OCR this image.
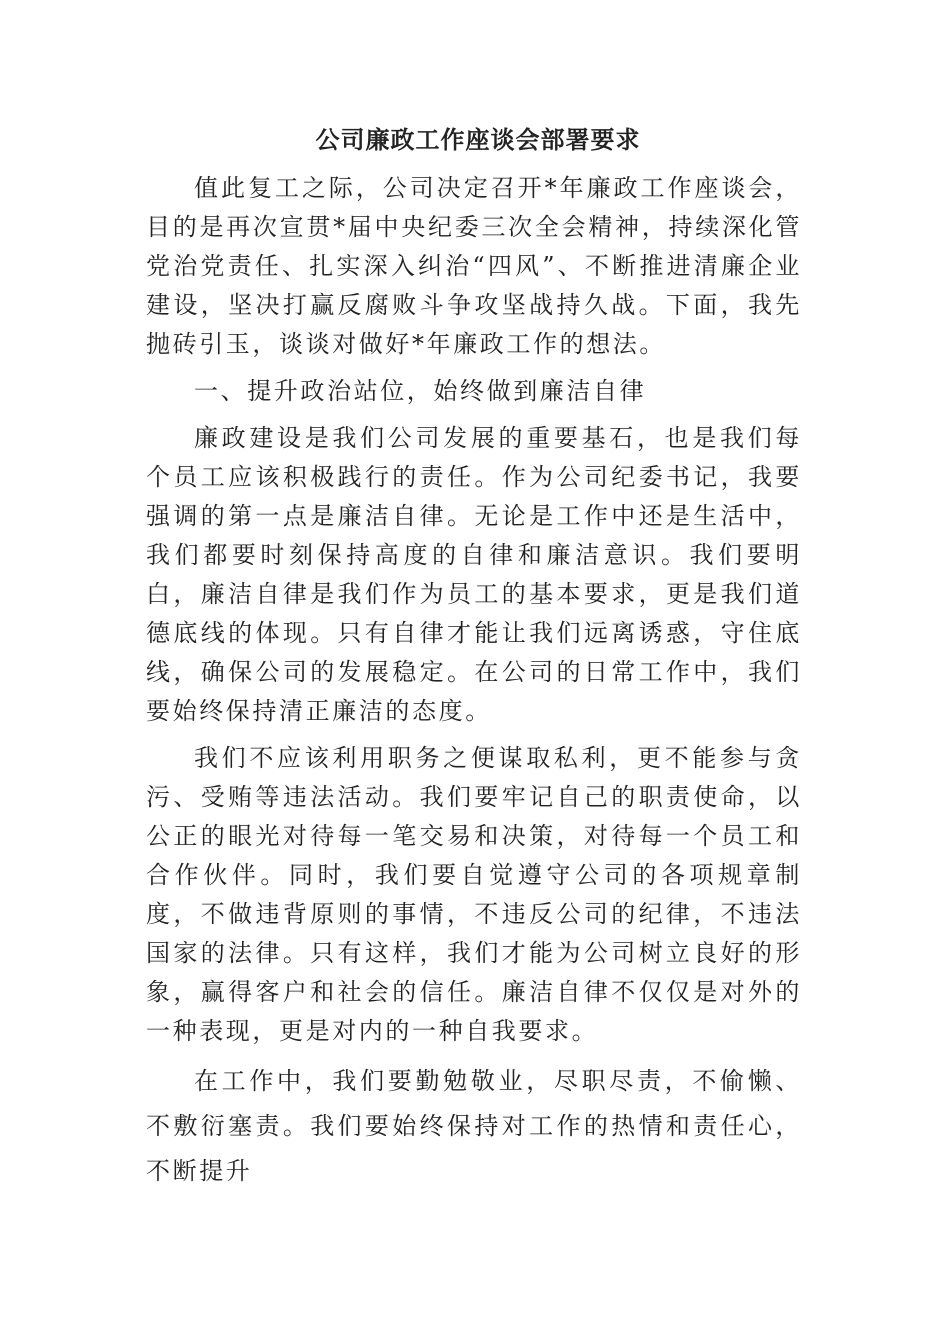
公司廉政工作座谈会部署要求

值此复工之际，公司决定召开*年廉政工作座谈会，目的是再次宣贯*届中央纪委三次全会精神，持续深化管党治党责任、扎实深入纠治“四风”、不断推进清廉企业建设，坚决打赢反腐败斗争攻坚战持久战。下面，我先抛砖引玉，谈谈对做好*年廉政工作的想法。

一、提升政治站位，始终做到廉洁自律

廉政建设是我们公司发展的重要基石，也是我们每个员工应该积极践行的责任。作为公司纪委书记，我要强调的第一点是廉洁自律。无论是工作中还是生活中，我们都要时刻保持高度的自律和廉洁意识。我们要明白，廉洁自律是我们作为员工的基本要求，更是我们道德底线的体现。只有自律才能让我们远离诱惑，守住底线，确保公司的发展稳定。在公司的日常工作中，我们要始终保持清正廉洁的态度。

我们不应该利用职务之便谋取私利，更不能参与贪污、受贿等违法活动。我们要牢记自己的职责使命，以公正的眼光对待每一笔交易和决策，对待每一个员工和合作伙伴。同时，我们要自觉遵守公司的各项规章制度，不做违背原则的事情，不违反公司的纪律，不违法国家的法律。只有这样，我们才能为公司树立良好的形象，赢得客户和社会的信任。廉洁自律不仅仅是对外的一种表现，更是对内的一种自我要求。

在工作中，我们要勤勉敬业，尽职尽责，不偷懒、不敷衍塞责。我们要始终保持对工作的热情和责任心，不断提升
